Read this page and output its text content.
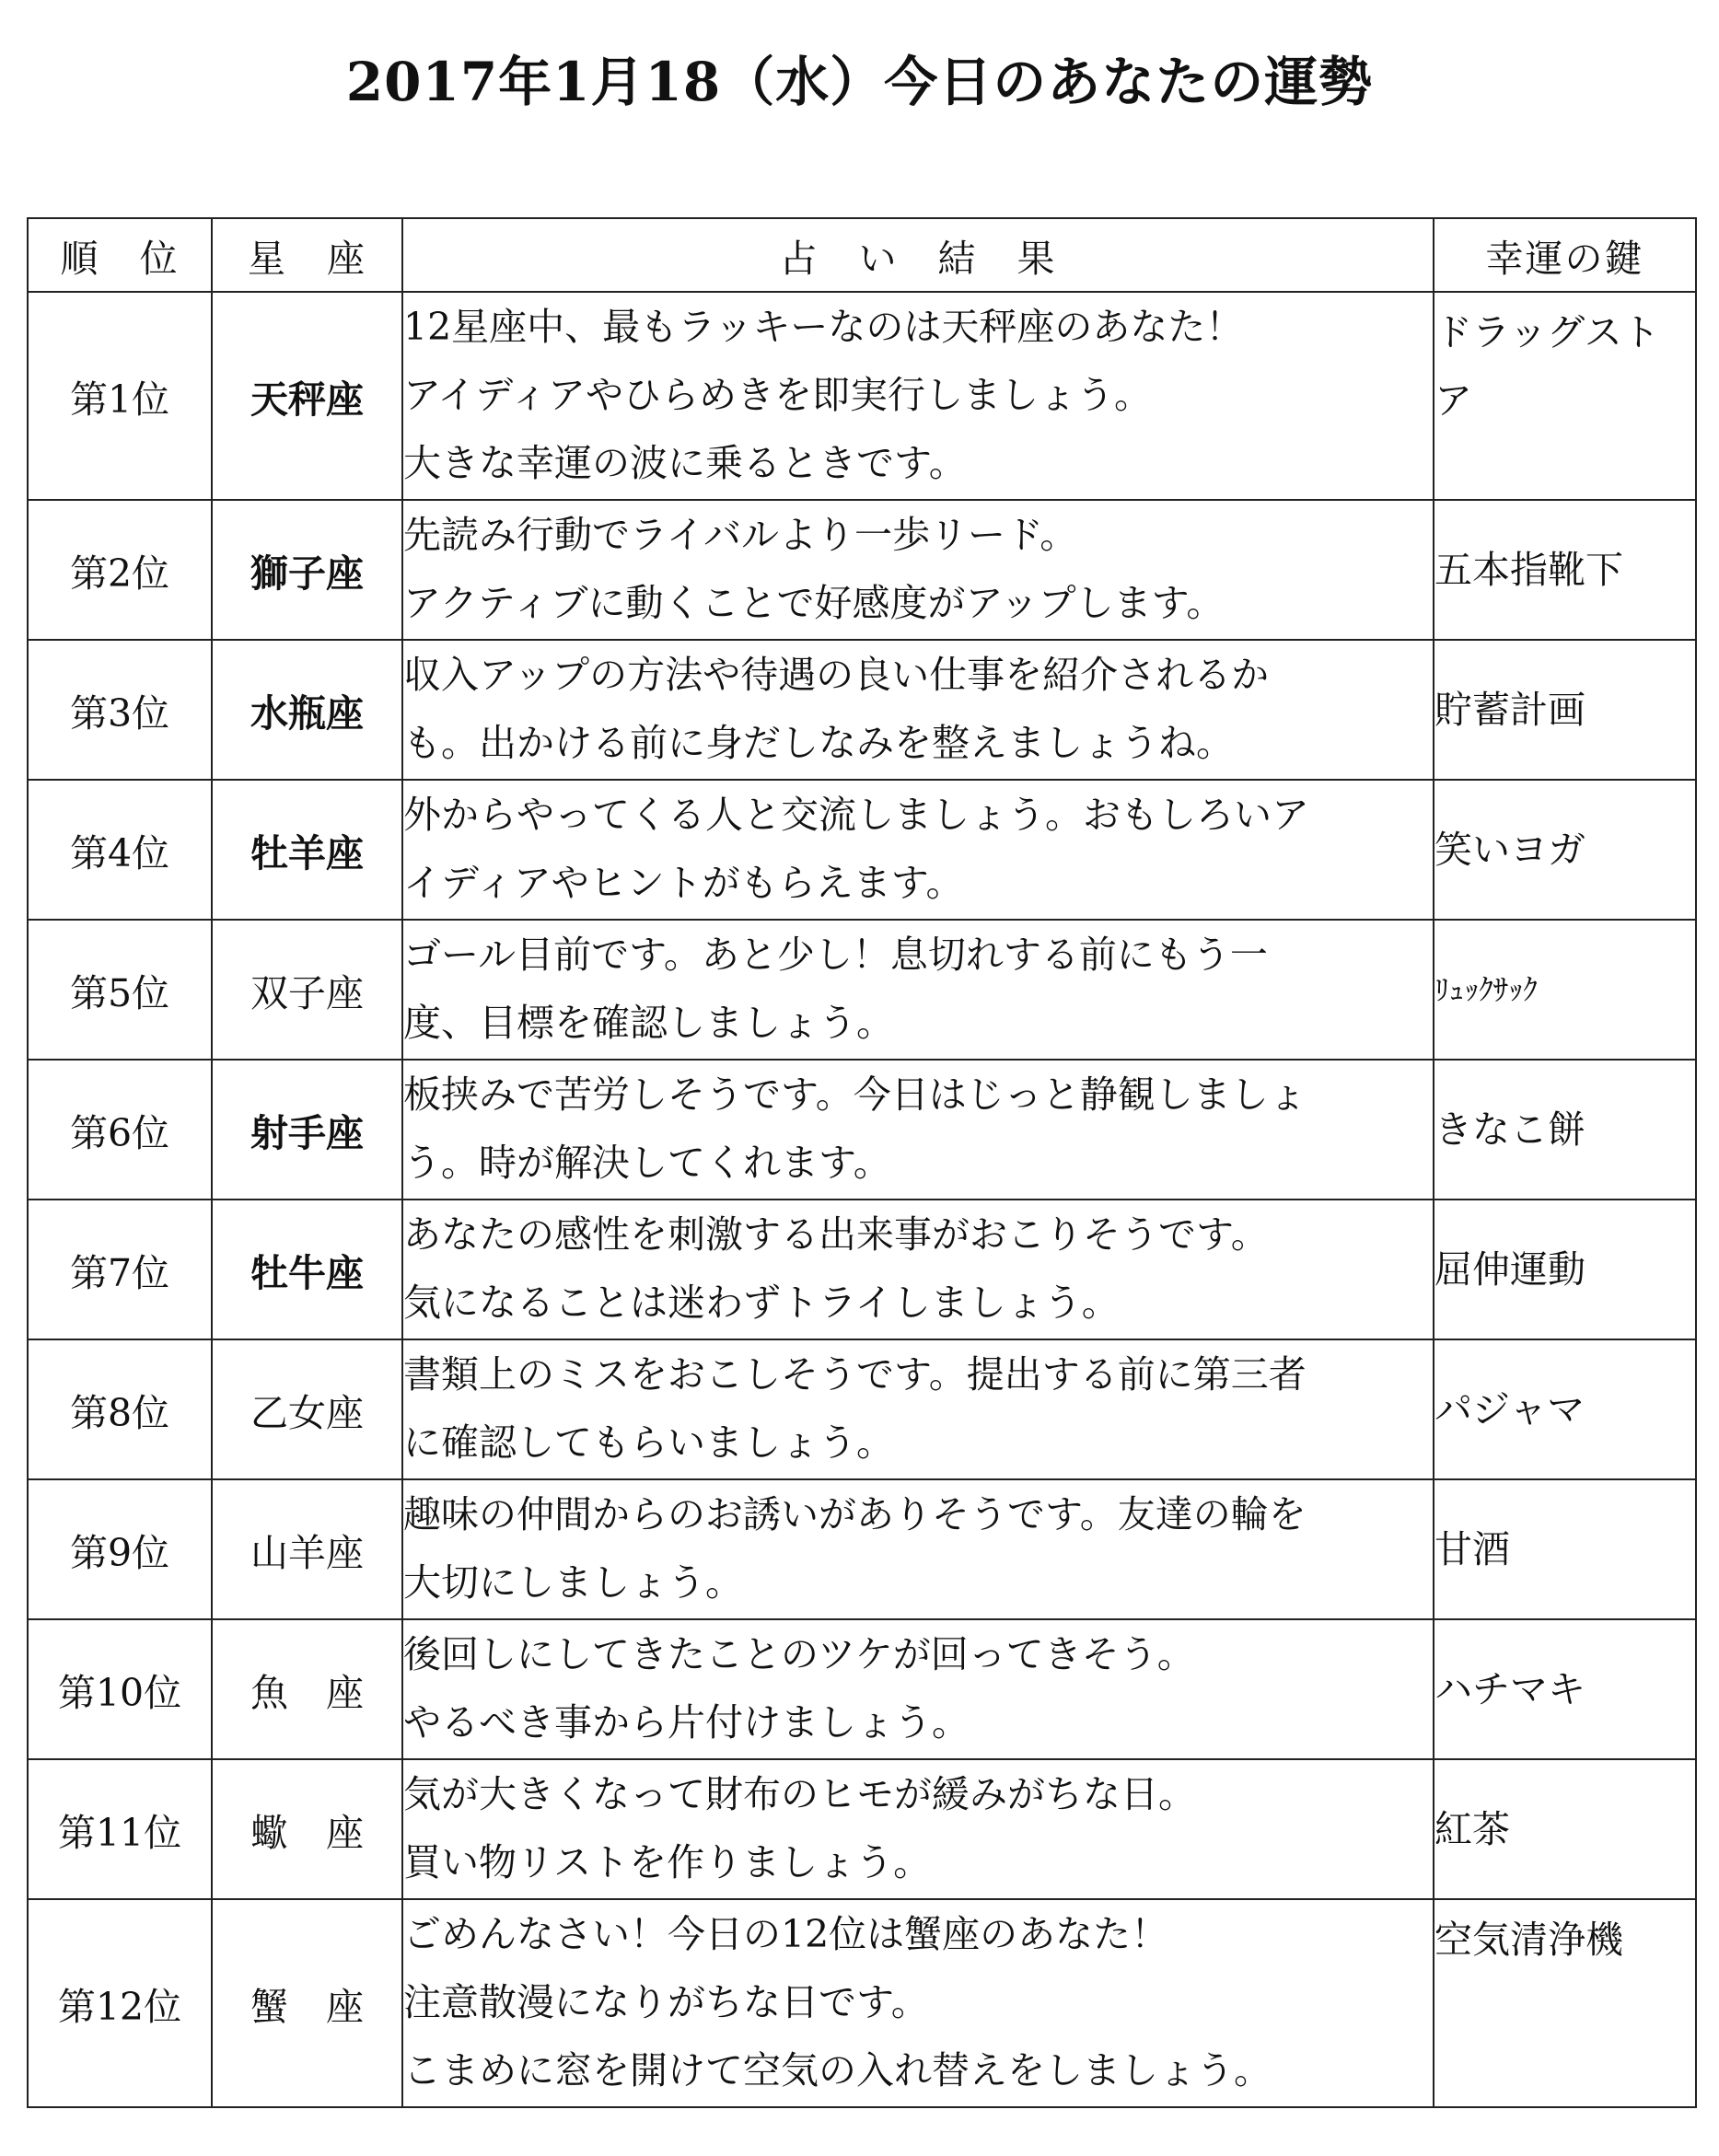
2017年1月18（水）今日のあなたの運勢
順　位	星　座	占　い　結　果	幸運の鍵
第1位	天秤座	12星座中、最もラッキーなのは天秤座のあなた！
アイディアやひらめきを即実行しましょう。
大きな幸運の波に乗るときです。	ドラッグストア
第2位	獅子座	先読み行動でライバルより一歩リード。
アクティブに動くことで好感度がアップします。	五本指靴下
第3位	水瓶座	収入アップの方法や待遇の良い仕事を紹介されるか
も。出かける前に身だしなみを整えましょうね。	貯蓄計画
第4位	牡羊座	外からやってくる人と交流しましょう。おもしろいア
イディアやヒントがもらえます。	笑いヨガ
第5位	双子座	ゴール目前です。あと少し！息切れする前にもう一
度、目標を確認しましょう。	ﾘｭｯｸｻｯｸ
第6位	射手座	板挟みで苦労しそうです。今日はじっと静観しましょ
う。時が解決してくれます。	きなこ餅
第7位	牡牛座	あなたの感性を刺激する出来事がおこりそうです。
気になることは迷わずトライしましょう。	屈伸運動
第8位	乙女座	書類上のミスをおこしそうです。提出する前に第三者
に確認してもらいましょう。	パジャマ
第9位	山羊座	趣味の仲間からのお誘いがありそうです。友達の輪を
大切にしましょう。	甘酒
第10位	魚　座	後回しにしてきたことのツケが回ってきそう。
やるべき事から片付けましょう。	ハチマキ
第11位	蠍　座	気が大きくなって財布のヒモが緩みがちな日。
買い物リストを作りましょう。	紅茶
第12位	蟹　座	ごめんなさい！今日の12位は蟹座のあなた！
注意散漫になりがちな日です。
こまめに窓を開けて空気の入れ替えをしましょう。	空気清浄機
